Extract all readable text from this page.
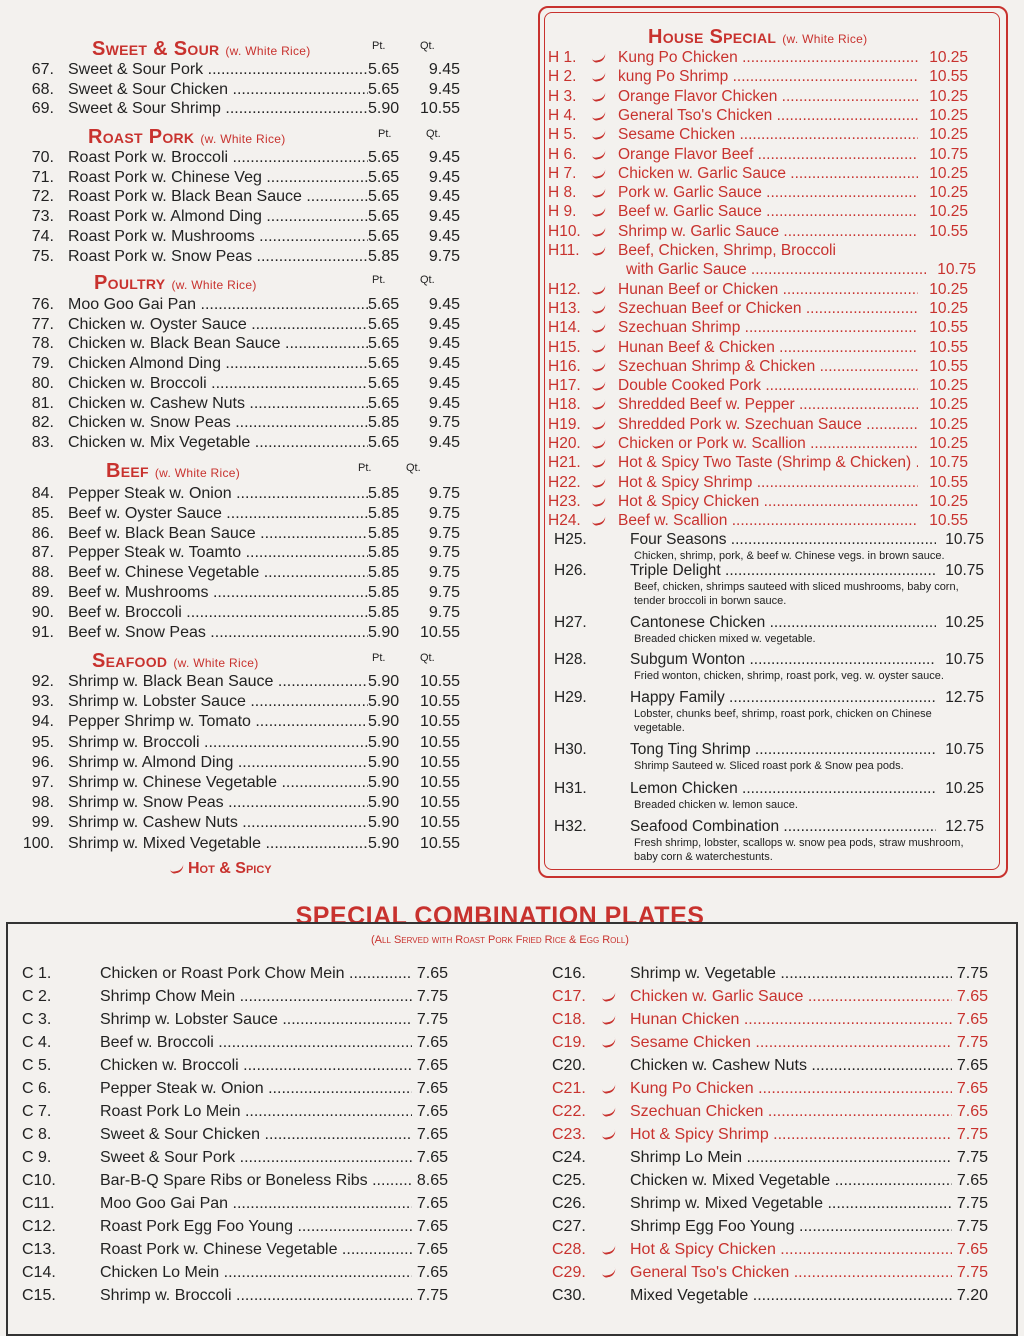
Sweet & Sour (w. White Rice)	Pt.	Qt.
67. Sweet & Sour Pork .....	5.65	9.45
68. Sweet & Sour Chicken .....	5.65	9.45
69. Sweet & Sour Shrimp .....	5.90	10.55
Roast Pork (w. White Rice)	Pt.	Qt.
70. Roast Pork w. Broccoli .....	5.65	9.45
71. Roast Pork w. Chinese Veg .....	5.65	9.45
72. Roast Pork w. Black Bean Sauce .....	5.65	9.45
73. Roast Pork w. Almond Ding .....	5.65	9.45
74. Roast Pork w. Mushrooms .....	5.65	9.45
75. Roast Pork w. Snow Peas .....	5.85	9.75
Poultry (w. White Rice)	Pt.	Qt.
76. Moo Goo Gai Pan .....	5.65	9.45
77. Chicken w. Oyster Sauce .....	5.65	9.45
78. Chicken w. Black Bean Sauce .....	5.65	9.45
79. Chicken Almond Ding .....	5.65	9.45
80. Chicken w. Broccoli .....	5.65	9.45
81. Chicken w. Cashew Nuts .....	5.65	9.45
82. Chicken w. Snow Peas .....	5.85	9.75
83. Chicken w. Mix Vegetable .....	5.65	9.45
Beef (w. White Rice)	Pt.	Qt.
84. Pepper Steak w. Onion .....	5.85	9.75
85. Beef w. Oyster Sauce .....	5.85	9.75
86. Beef w. Black Bean Sauce .....	5.85	9.75
87. Pepper Steak w. Toamto .....	5.85	9.75
88. Beef w. Chinese Vegetable .....	5.85	9.75
89. Beef w. Mushrooms .....	5.85	9.75
90. Beef w. Broccoli .....	5.85	9.75
91. Beef w. Snow Peas .....	5.90	10.55
Seafood (w. White Rice)	Pt.	Qt.
92. Shrimp w. Black Bean Sauce .....	5.90	10.55
93. Shrimp w. Lobster Sauce .....	5.90	10.55
94. Pepper Shrimp w. Tomato .....	5.90	10.55
95. Shrimp w. Broccoli .....	5.90	10.55
96. Shrimp w. Almond Ding .....	5.90	10.55
97. Shrimp w. Chinese Vegetable .....	5.90	10.55
98. Shrimp w. Snow Peas .....	5.90	10.55
99. Shrimp w. Cashew Nuts .....	5.90	10.55
100. Shrimp w. Mixed Vegetable .....	5.90	10.55
Hot & Spicy
House Special (w. White Rice)
H 1.	Kung Po Chicken .....	10.25
H 2.	kung Po Shrimp .....	10.55
H 3.	Orange Flavor Chicken .....	10.25
H 4.	General Tso's Chicken .....	10.25
H 5.	Sesame Chicken .....	10.25
H 6.	Orange Flavor Beef .....	10.75
H 7.	Chicken w. Garlic Sauce .....	10.25
H 8.	Pork w. Garlic Sauce .....	10.25
H 9.	Beef w. Garlic Sauce .....	10.25
H10.	Shrimp w. Garlic Sauce .....	10.55
H11.	Beef, Chicken, Shrimp, Broccoli
with Garlic Sauce .....	10.75
H12.	Hunan Beef or Chicken .....	10.25
H13.	Szechuan Beef or Chicken .....	10.25
H14.	Szechuan Shrimp .....	10.55
H15.	Hunan Beef & Chicken .....	10.55
H16.	Szechuan Shrimp & Chicken .....	10.55
H17.	Double Cooked Pork .....	10.25
H18.	Shredded Beef w. Pepper .....	10.25
H19.	Shredded Pork w. Szechuan Sauce .....	10.25
H20.	Chicken or Pork w. Scallion .....	10.25
H21.	Hot & Spicy Two Taste (Shrimp & Chicken) .....	10.75
H22.	Hot & Spicy Shrimp .....	10.55
H23.	Hot & Spicy Chicken .....	10.25
H24.	Beef w. Scallion .....	10.55
H25.	Four Seasons .....	10.75
Chicken, shrimp, pork, & beef w. Chinese vegs. in brown sauce.
H26.	Triple Delight .....	10.75
Beef, chicken, shrimps sauteed with sliced mushrooms, baby corn, tender broccoli in borwn sauce.
H27.	Cantonese Chicken .....	10.25
Breaded chicken mixed w. vegetable.
H28.	Subgum Wonton .....	10.75
Fried wonton, chicken, shrimp, roast pork, veg. w. oyster sauce.
H29.	Happy Family .....	12.75
Lobster, chunks beef, shrimp, roast pork, chicken on Chinese vegetable.
H30.	Tong Ting Shrimp .....	10.75
Shrimp Sauteed w. Sliced roast pork & Snow pea pods.
H31.	Lemon Chicken .....	10.25
Breaded chicken w. lemon sauce.
H32.	Seafood Combination .....	12.75
Fresh shrimp, lobster, scallops w. snow pea pods, straw mushroom, baby corn & waterchestunts.
SPECIAL COMBINATION PLATES
(All Served with Roast Pork Fried Rice & Egg Roll)
C 1.	Chicken or Roast Pork Chow Mein .....	7.65
C 2.	Shrimp Chow Mein .....	7.75
C 3.	Shrimp w. Lobster Sauce .....	7.75
C 4.	Beef w. Broccoli .....	7.65
C 5.	Chicken w. Broccoli .....	7.65
C 6.	Pepper Steak w. Onion .....	7.65
C 7.	Roast Pork Lo Mein .....	7.65
C 8.	Sweet & Sour Chicken .....	7.65
C 9.	Sweet & Sour Pork .....	7.65
C10.	Bar-B-Q Spare Ribs or Boneless Ribs .....	8.65
C11.	Moo Goo Gai Pan .....	7.65
C12.	Roast Pork Egg Foo Young .....	7.65
C13.	Roast Pork w. Chinese Vegetable .....	7.65
C14.	Chicken Lo Mein .....	7.65
C15.	Shrimp w. Broccoli .....	7.75
C16.	Shrimp w. Vegetable .....	7.75
C17.	Chicken w. Garlic Sauce .....	7.65
C18.	Hunan Chicken .....	7.65
C19.	Sesame Chicken .....	7.75
C20.	Chicken w. Cashew Nuts .....	7.65
C21.	Kung Po Chicken .....	7.65
C22.	Szechuan Chicken .....	7.65
C23.	Hot & Spicy Shrimp .....	7.75
C24.	Shrimp Lo Mein .....	7.75
C25.	Chicken w. Mixed Vegetable .....	7.65
C26.	Shrimp w. Mixed Vegetable .....	7.75
C27.	Shrimp Egg Foo Young .....	7.75
C28.	Hot & Spicy Chicken .....	7.65
C29.	General Tso's Chicken .....	7.75
C30.	Mixed Vegetable .....	7.20
